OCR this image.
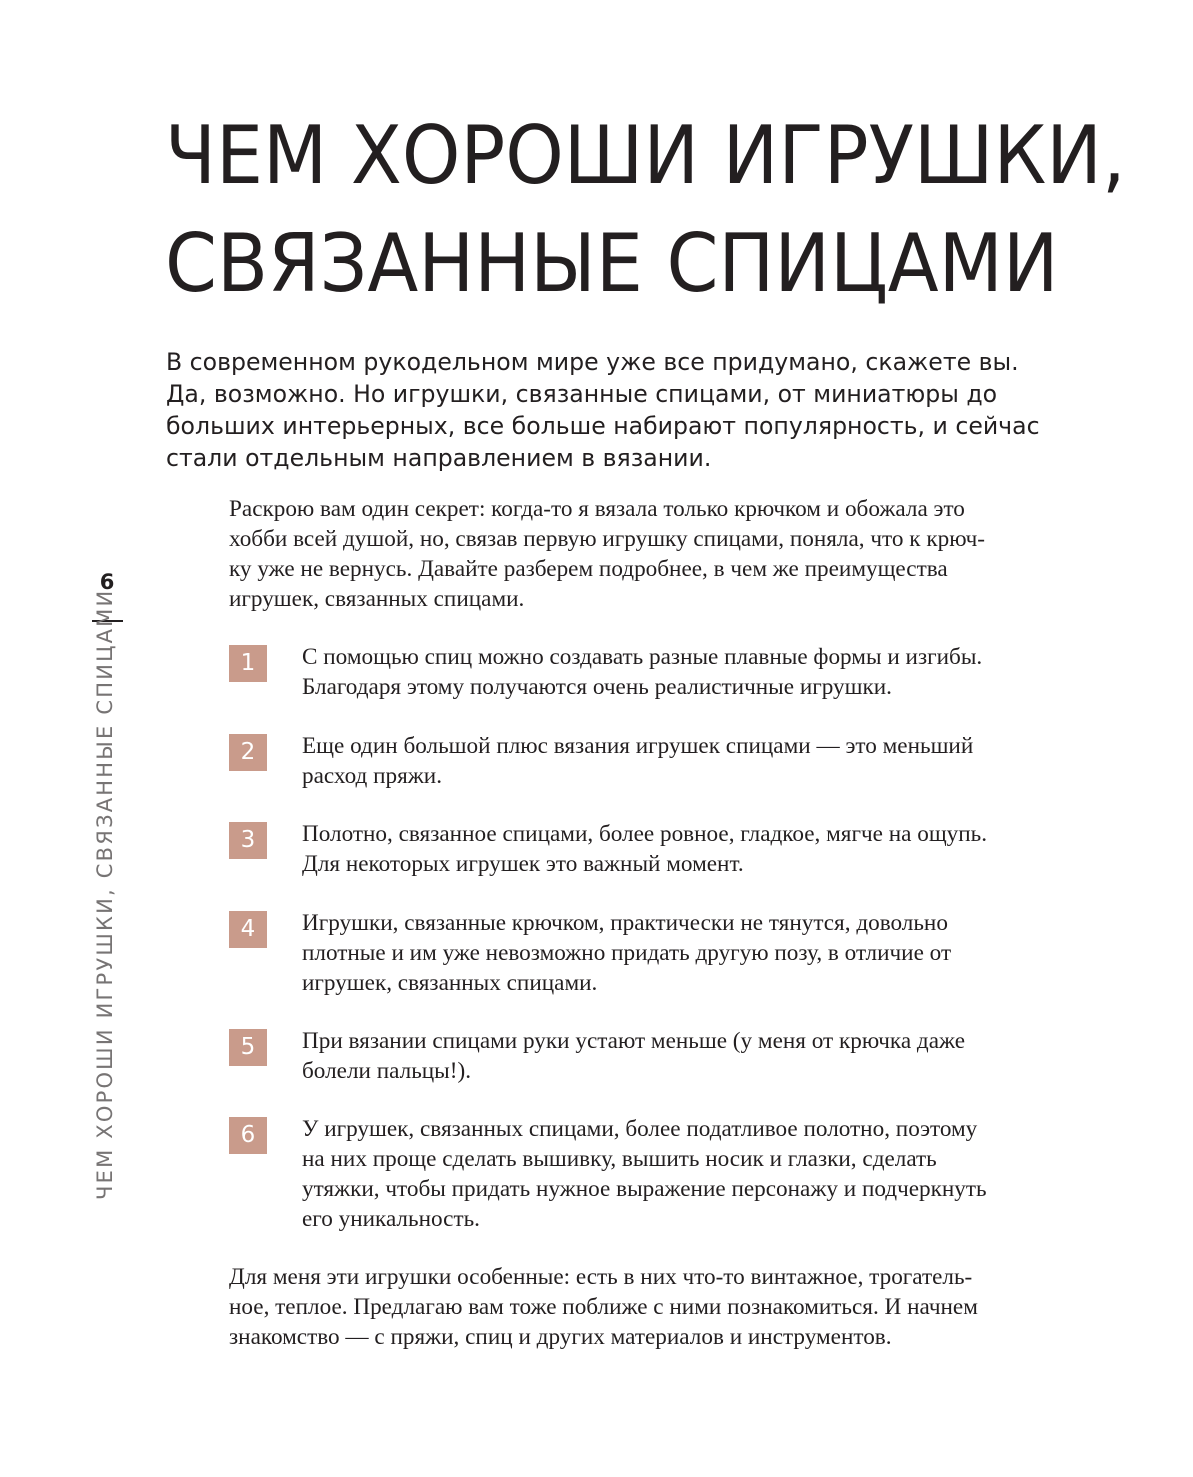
6
ЧЕМ ХОРОШИ ИГРУШКИ, СВЯЗАННЫЕ СПИЦАМИ
ЧЕМ ХОРОШИ ИГРУШКИ,
СВЯЗАННЫЕ СПИЦАМИ

В современном рукодельном мире уже все придумано, скажете вы.
Да, возможно. Но игрушки, связанные спицами, от миниатюры до
больших интерьерных, все больше набирают популярность, и сейчас
стали отдельным направлением в вязании.

Раскрою вам один секрет: когда-то я вязала только крючком и обожала это
хобби всей душой, но, связав первую игрушку спицами, поняла, что к крюч-
ку уже не вернусь. Давайте разберем подробнее, в чем же преимущества
игрушек, связанных спицами.

1	С помощью спиц можно создавать разные плавные формы и изгибы.
Благодаря этому получаются очень реалистичные игрушки.
2	Еще один большой плюс вязания игрушек спицами — это меньший
расход пряжи.
3	Полотно, связанное спицами, более ровное, гладкое, мягче на ощупь.
Для некоторых игрушек это важный момент.
4	Игрушки, связанные крючком, практически не тянутся, довольно
плотные и им уже невозможно придать другую позу, в отличие от
игрушек, связанных спицами.
5	При вязании спицами руки устают меньше (у меня от крючка даже
болели пальцы!).
6	У игрушек, связанных спицами, более податливое полотно, поэтому
на них проще сделать вышивку, вышить носик и глазки, сделать
утяжки, чтобы придать нужное выражение персонажу и подчеркнуть
его уникальность.

Для меня эти игрушки особенные: есть в них что-то винтажное, трогатель-
ное, теплое. Предлагаю вам тоже поближе с ними познакомиться. И начнем
знакомство — с пряжи, спиц и других материалов и инструментов.
